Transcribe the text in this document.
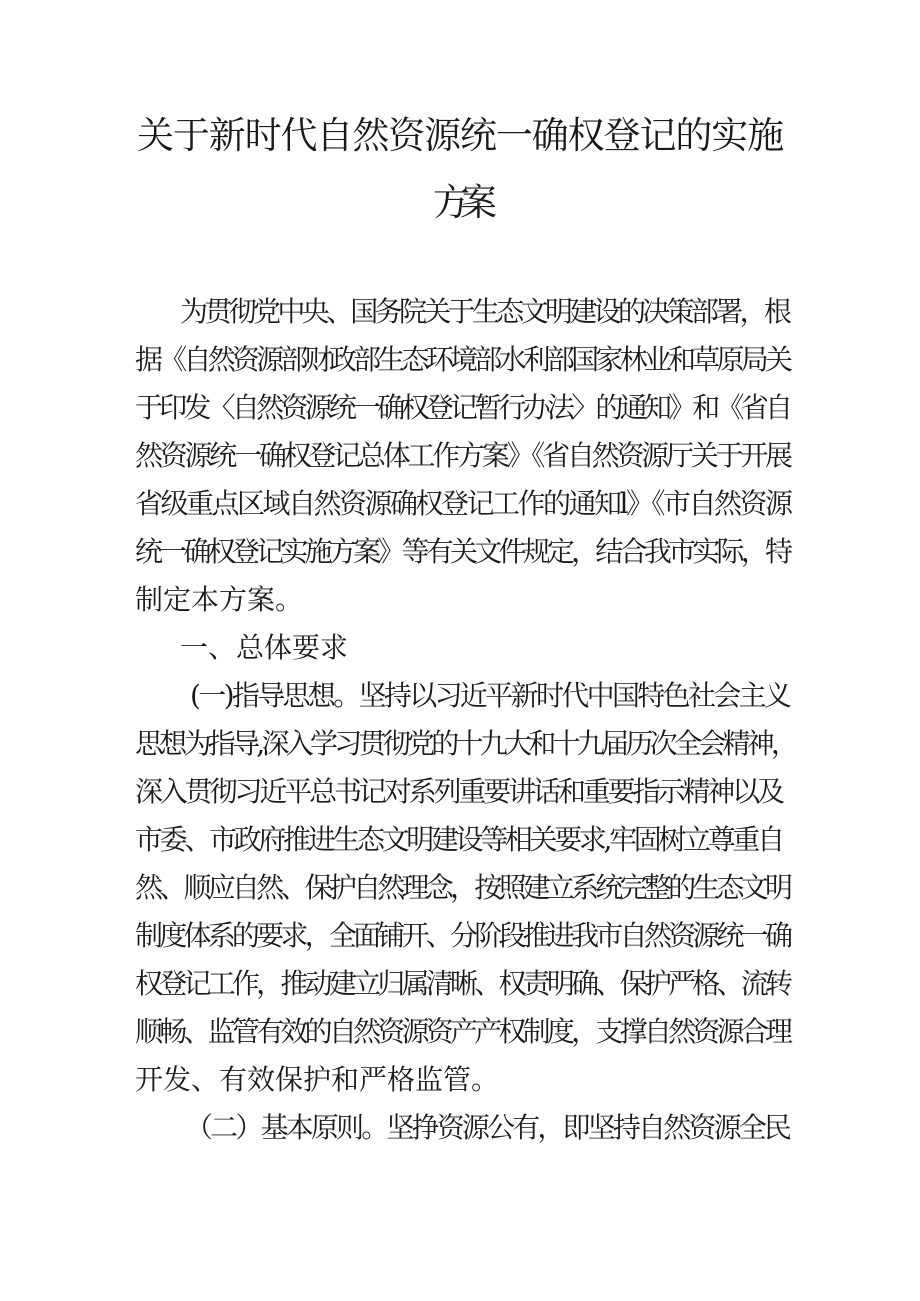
关于新时代自然资源统一确权登记的实施
方案
为贯彻党中央、国务院关于生态文明建设的决策部署，根
据《自然资源部财政部生态环境部水利部国家林业和草原局关
于印发〈自然资源统一确权登记暂行办法〉的通知》和《省自
然资源统一确权登记总体工作方案》《省自然资源厅关于开展
省级重点区域自然资源确权登记工作的通知l》《市自然资源
统一确权登记实施方案》等有关文件规定，结合我市实际，特
制定本方案。
一、总体要求
(一)指导思想。坚持以习近平新时代中国特色社会主义
思想为指导,深入学习贯彻党的十九大和十九届历次全会精神，
深入贯彻习近平总书记对系列重要讲话和重要指示精神以及
市委、市政府推进生态文明建设等相关要求,牢固树立尊重自
然、顺应自然、保护自然理念，按照建立系统完整的生态文明
制度体系的要求，全面铺开、分阶段推进我市自然资源统一确
权登记工作，推动建立归属清晰、权责明确、保护严格、流转
顺畅、监管有效的自然资源资产产权制度，支撑自然资源合理
开发、有效保护和严格监管。
（二）基本原则。坚挣资源公有，即坚持自然资源全民
